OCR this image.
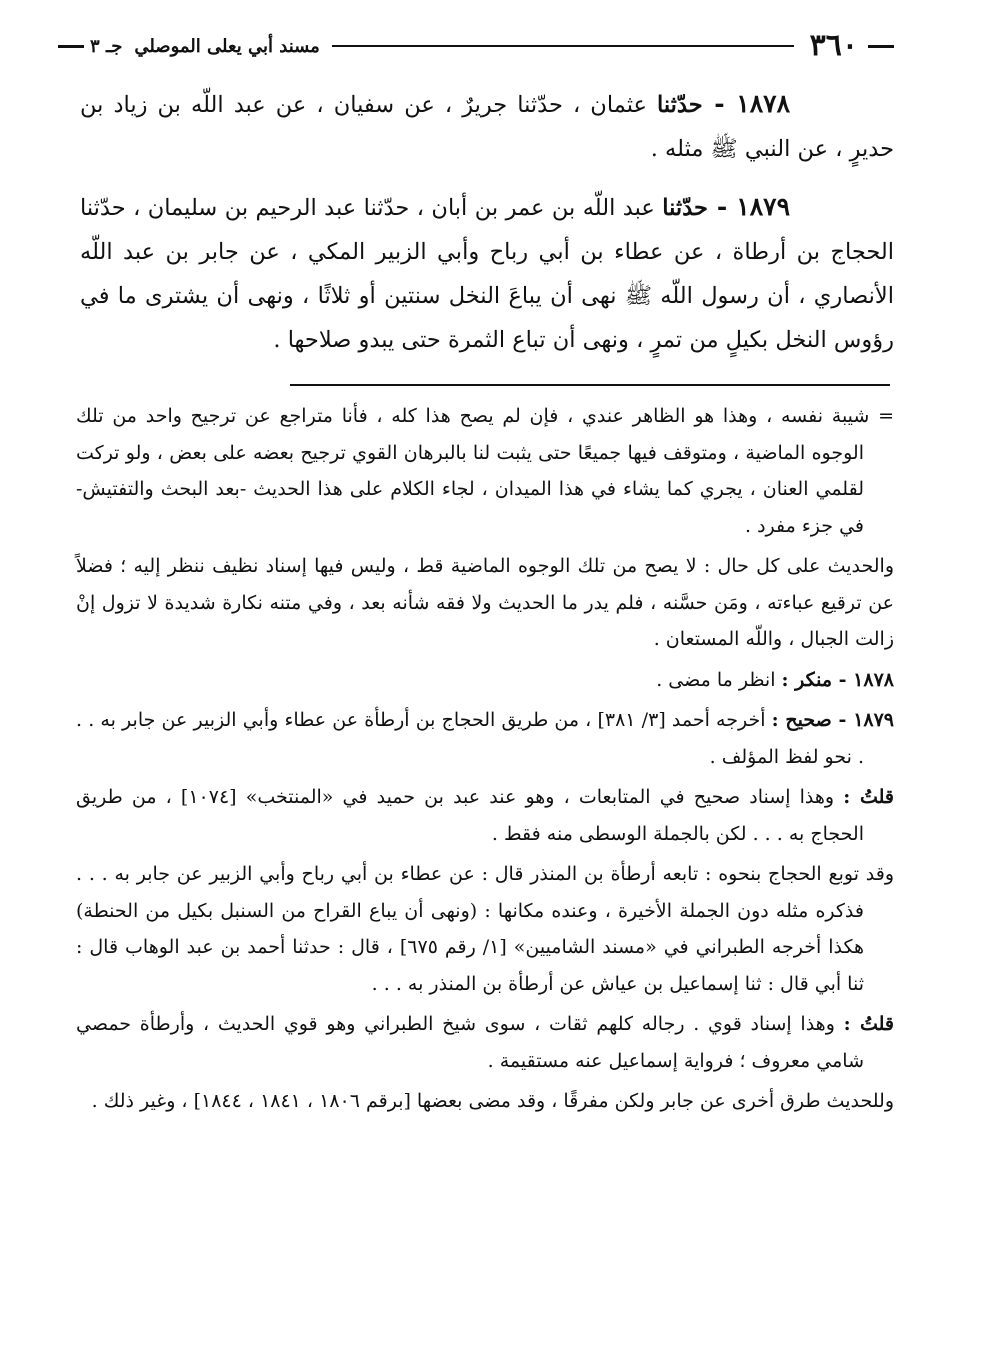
٣٦٠
مسند أبي يعلى الموصلي
جـ ٣

١٨٧٨ - حدّثنا عثمان ، حدّثنا جريرٌ ، عن سفيان ، عن عبد اللّه بن زياد بن حديرٍ ، عن النبي ﷺ مثله .

١٨٧٩ - حدّثنا عبد اللّه بن عمر بن أبان ، حدّثنا عبد الرحيم بن سليمان ، حدّثنا الحجاج بن أرطاة ، عن عطاء بن أبي رباح وأبي الزبير المكي ، عن جابر بن عبد اللّه الأنصاري ، أن رسول اللّه ﷺ نهى أن يباعَ النخل سنتين أو ثلاثًا ، ونهى أن يشترى ما في رؤوس النخل بكيلٍ من تمرٍ ، ونهى أن تباع الثمرة حتى يبدو صلاحها .

= شيبة نفسه ، وهذا هو الظاهر عندي ، فإن لم يصح هذا كله ، فأنا متراجع عن ترجيح واحد من تلك الوجوه الماضية ، ومتوقف فيها جميعًا حتى يثبت لنا بالبرهان القوي ترجيح بعضه على بعض ، ولو تركت لقلمي العنان ، يجري كما يشاء في هذا الميدان ، لجاء الكلام على هذا الحديث -بعد البحث والتفتيش- في جزء مفرد .

والحديث على كل حال : لا يصح من تلك الوجوه الماضية قط ، وليس فيها إسناد نظيف ننظر إليه ؛ فضلاً عن ترقيع عباءته ، ومَن حسَّنه ، فلم يدر ما الحديث ولا فقه شأنه بعد ، وفي متنه نكارة شديدة لا تزول إنْ زالت الجبال ، واللّه المستعان .

١٨٧٨ - منكر : انظر ما مضى .

١٨٧٩ - صحيح : أخرجه أحمد [٣/ ٣٨١] ، من طريق الحجاج بن أرطأة عن عطاء وأبي الزبير عن جابر به . . . نحو لفظ المؤلف .

قلتُ : وهذا إسناد صحيح في المتابعات ، وهو عند عبد بن حميد في «المنتخب» [١٠٧٤] ، من طريق الحجاج به . . . لكن بالجملة الوسطى منه فقط .

وقد توبع الحجاج بنحوه : تابعه أرطأة بن المنذر قال : عن عطاء بن أبي رباح وأبي الزبير عن جابر به . . . فذكره مثله دون الجملة الأخيرة ، وعنده مكانها : (ونهى أن يباع القراح من السنبل بكيل من الحنطة) هكذا أخرجه الطبراني في «مسند الشاميين» [١/ رقم ٦٧٥] ، قال : حدثنا أحمد بن عبد الوهاب قال : ثنا أبي قال : ثنا إسماعيل بن عياش عن أرطأة بن المنذر به . . .

قلتُ : وهذا إسناد قوي . رجاله كلهم ثقات ، سوى شيخ الطبراني وهو قوي الحديث ، وأرطأة حمصي شامي معروف ؛ فرواية إسماعيل عنه مستقيمة .

وللحديث طرق أخرى عن جابر ولكن مفرقًا ، وقد مضى بعضها [برقم ١٨٠٦ ، ١٨٤١ ، ١٨٤٤] ، وغير ذلك .
